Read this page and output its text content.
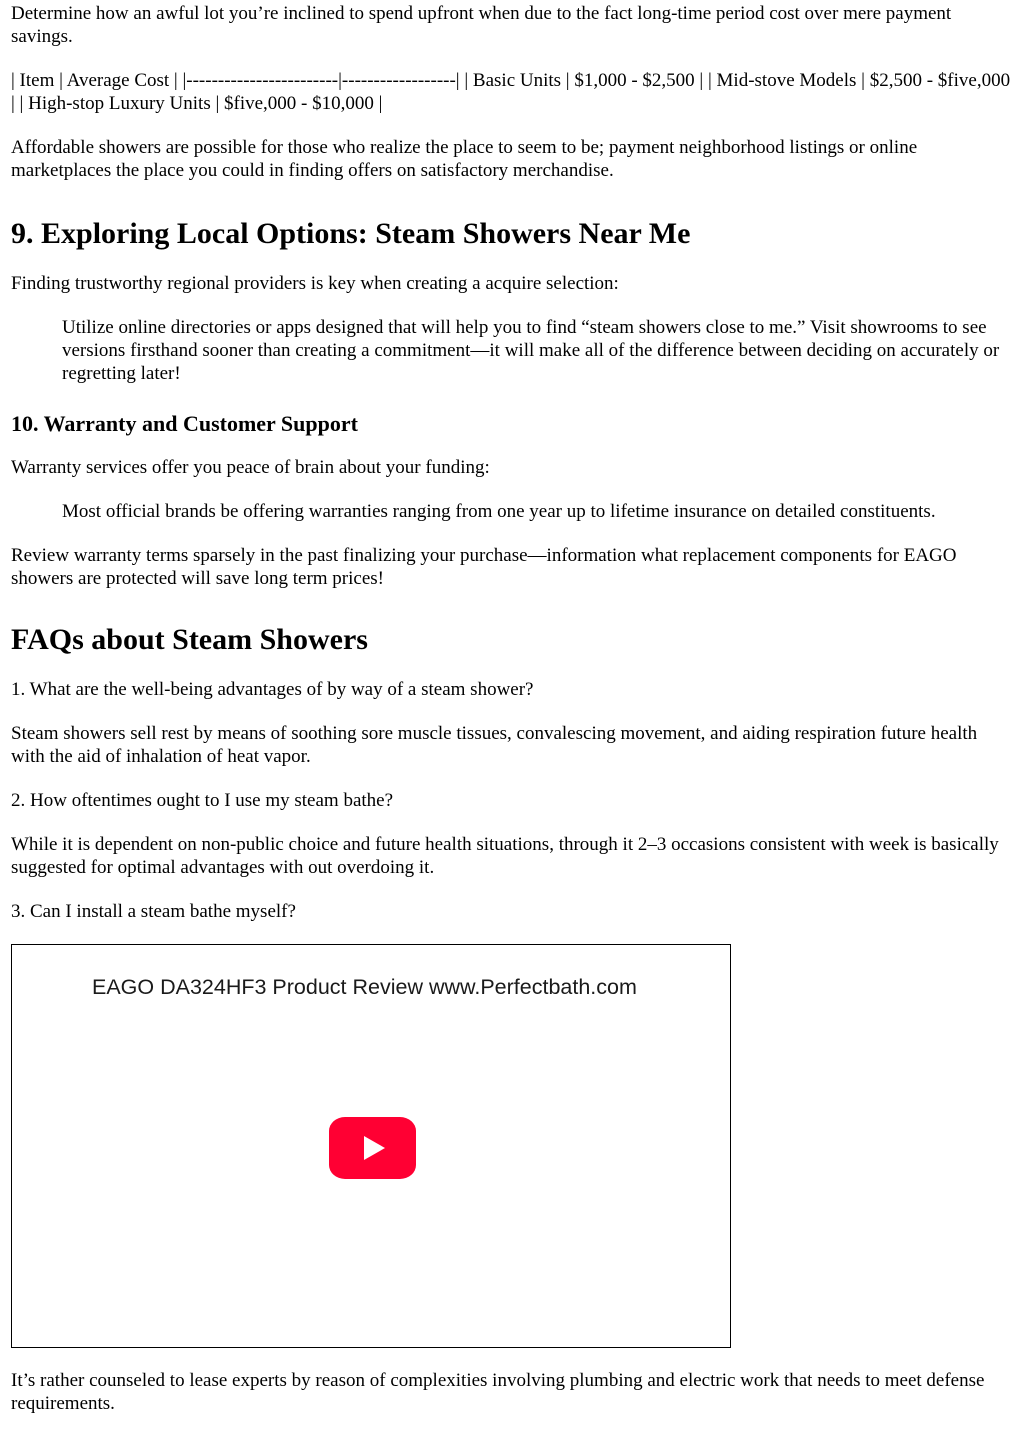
Determine how an awful lot you’re inclined to spend upfront when due to the fact long-time period cost over mere payment savings.

| Item | Average Cost | |------------------------|------------------| | Basic Units | $1,000 - $2,500 | | Mid-stove Models | $2,500 - $five,000 | | High-stop Luxury Units | $five,000 - $10,000 |

Affordable showers are possible for those who realize the place to seem to be; payment neighborhood listings or online marketplaces the place you could in finding offers on satisfactory merchandise.

9. Exploring Local Options: Steam Showers Near Me

Finding trustworthy regional providers is key when creating a acquire selection:

Utilize online directories or apps designed that will help you to find “steam showers close to me.” Visit showrooms to see versions firsthand sooner than creating a commitment—it will make all of the difference between deciding on accurately or regretting later!
10. Warranty and Customer Support

Warranty services offer you peace of brain about your funding:

Most official brands be offering warranties ranging from one year up to lifetime insurance on detailed constituents.

Review warranty terms sparsely in the past finalizing your purchase—information what replacement components for EAGO showers are protected will save long term prices!

FAQs about Steam Showers

1. What are the well-being advantages of by way of a steam shower?

Steam showers sell rest by means of soothing sore muscle tissues, convalescing movement, and aiding respiration future health with the aid of inhalation of heat vapor.

2. How oftentimes ought to I use my steam bathe?

While it is dependent on non-public choice and future health situations, through it 2–3 occasions consistent with week is basically suggested for optimal advantages with out overdoing it.

3. Can I install a steam bathe myself?

EAGO DA324HF3 Product Review www.Perfectbath.com

It’s rather counseled to lease experts by reason of complexities involving plumbing and electric work that needs to meet defense requirements.
